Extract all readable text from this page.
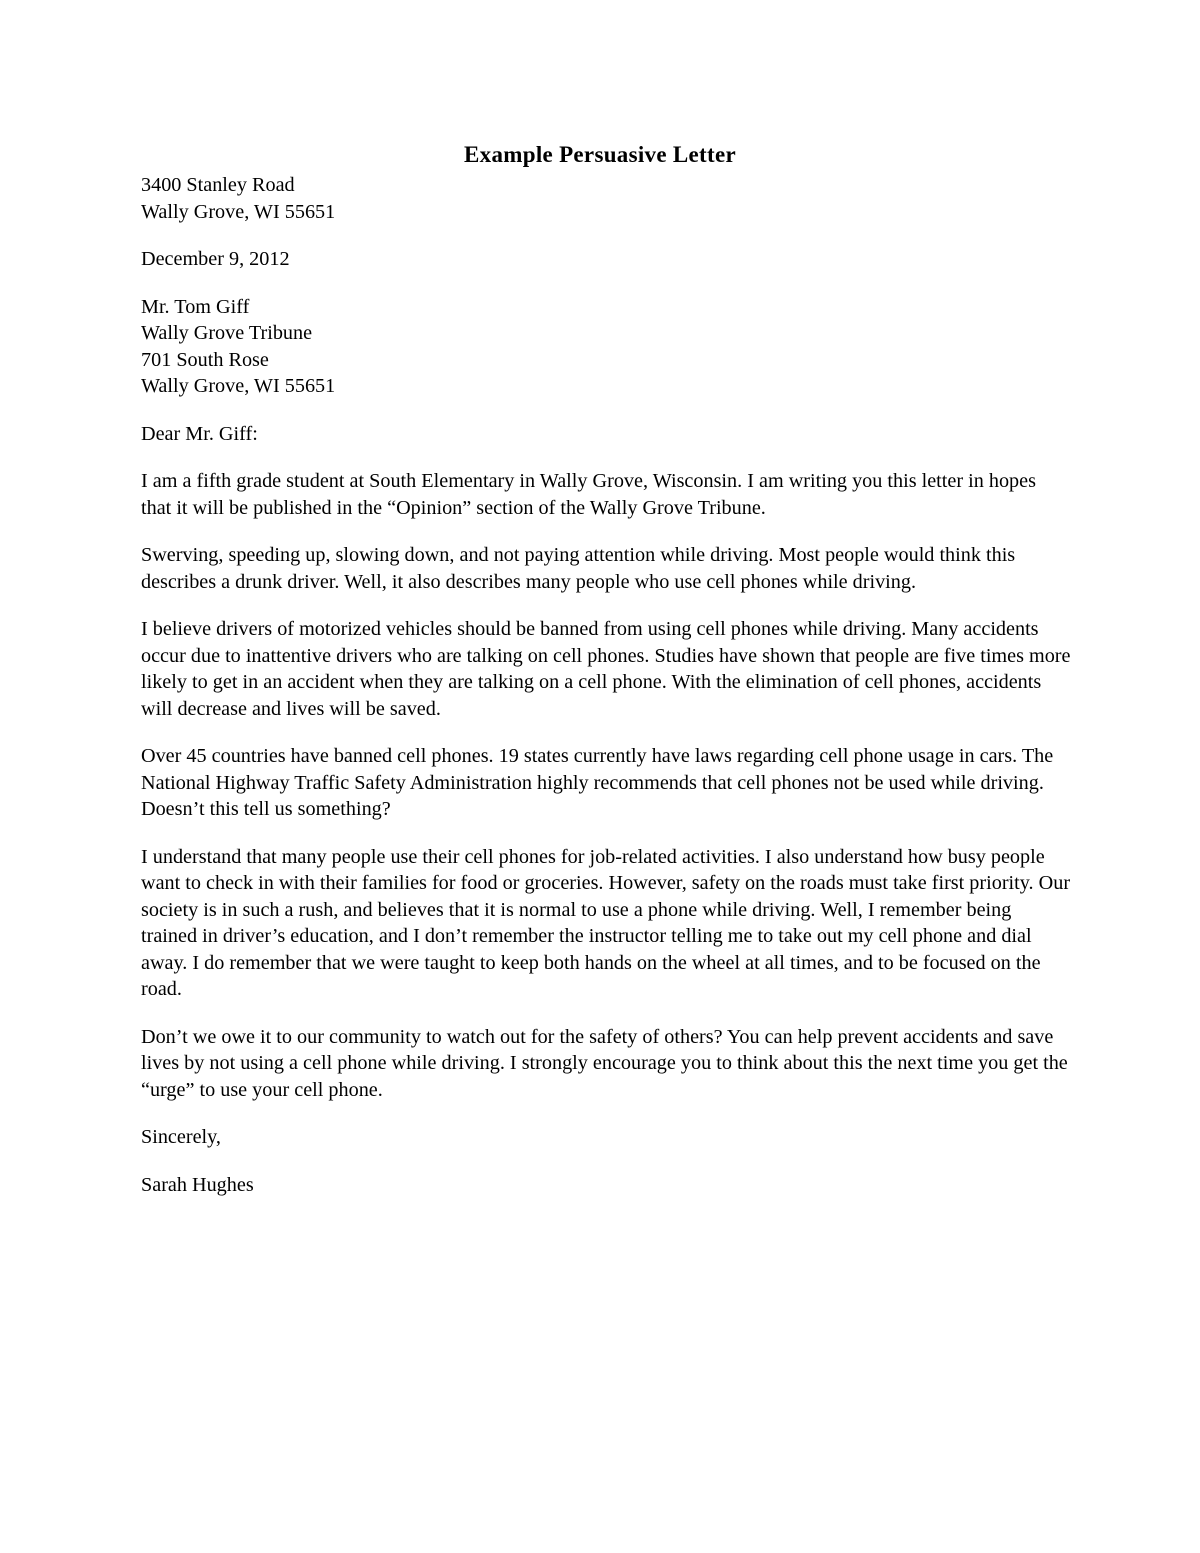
Example Persuasive Letter

3400 Stanley Road
Wally Grove, WI 55651

December 9, 2012

Mr. Tom Giff
Wally Grove Tribune
701 South Rose
Wally Grove, WI 55651

Dear Mr. Giff:

I am a fifth grade student at South Elementary in Wally Grove, Wisconsin. I am writing you this letter in hopes that it will be published in the “Opinion” section of the Wally Grove Tribune.

Swerving, speeding up, slowing down, and not paying attention while driving. Most people would think this describes a drunk driver. Well, it also describes many people who use cell phones while driving.

I believe drivers of motorized vehicles should be banned from using cell phones while driving. Many accidents occur due to inattentive drivers who are talking on cell phones. Studies have shown that people are five times more likely to get in an accident when they are talking on a cell phone. With the elimination of cell phones, accidents will decrease and lives will be saved.

Over 45 countries have banned cell phones. 19 states currently have laws regarding cell phone usage in cars. The National Highway Traffic Safety Administration highly recommends that cell phones not be used while driving. Doesn’t this tell us something?

I understand that many people use their cell phones for job-related activities. I also understand how busy people want to check in with their families for food or groceries. However, safety on the roads must take first priority. Our society is in such a rush, and believes that it is normal to use a phone while driving. Well, I remember being trained in driver’s education, and I don’t remember the instructor telling me to take out my cell phone and dial away. I do remember that we were taught to keep both hands on the wheel at all times, and to be focused on the road.

Don’t we owe it to our community to watch out for the safety of others? You can help prevent accidents and save lives by not using a cell phone while driving. I strongly encourage you to think about this the next time you get the “urge” to use your cell phone.

Sincerely,

Sarah Hughes
